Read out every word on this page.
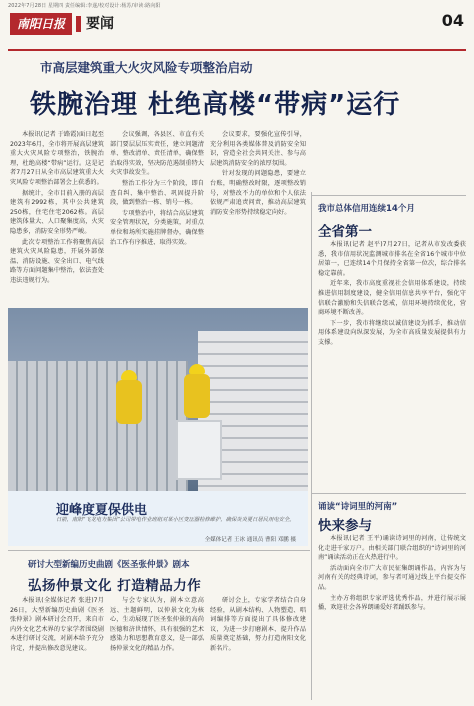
2022年7月28日 星期四 责任编辑:李遂/校对设计:杨苏/审读:路向阳
南阳日报	要闻	04
市高层建筑重大火灾风险专项整治启动
铁腕治理 杜绝高楼“带病”运行

本报讯(记者 于路霞)面日起至2023年6月，全市将开展高层建筑重大火灾风险专项整治，铁腕治理，杜绝高楼“带病”运行。这是记者7月27日从全市高层建筑重大火灾风险专项整治部署会上获悉的。

据统计，全市目前入册的高层建筑有2992栋，其中公共建筑250栋，住宅住宅2062栋。高层建筑体量大、人口聚集度高，火灾隐患多，消防安全形势严峻。

此次专项整治工作将聚焦高层建筑火灾风险隐患，开展外部保温、消防设施、安全出口、电气线路等方面问题集中整治，依法查处违法违规行为。

会议强调，各县区、市直有关部门要层层压实责任，建立问题清单、整改清单、责任清单，确保整治取得实效，坚决防范遏制重特大火灾事故发生。

整治工作分为三个阶段，即自查自纠、集中整治、巩固提升阶段，做到整治一栋、销号一栋。

专项整治中，将结合高层建筑安全管理状况，分类施策，对重点单位和场所实施挂牌督办，确保整治工作有序推进、取得实效。

会议要求，要强化宣传引导，充分利用各类媒体普及消防安全知识，营造全社会共同关注、参与高层建筑消防安全的浓厚氛围。

针对发现的问题隐患，要建立台账，明确整改时限，逐项整改销号，对整改不力的单位和个人依法依规严肃追责问责，推动高层建筑消防安全形势持续稳定向好。

迎峰度夏保供电
日前，南阳“飞龙电力集团”公司带电作业班组对某小区变压器检修维护，确保炎炎夏日居民用电安全。
全媒体记者 王冰 通讯员 曹阳 邓鹏 摄
我市总体信用连续14个月
全省第一

本报讯(记者 赵平)7月27日，记者从市发改委获悉，我市信用状况监测城市排名在全省16个城市中位居第一，已连续14个月保持全省第一位次，综合排名稳定靠前。

近年来，我市高度重视社会信用体系建设，持续推进信用制度建设，健全信用信息共享平台，强化守信联合激励和失信联合惩戒，信用环境持续优化，营商环境不断改善。

下一步，我市将继续以诚信建设为抓手，推动信用体系建设向纵深发展，为全市高质量发展提供有力支撑。

诵读“诗词里的河南”
快来参与

本报讯(记者 王平)诵读诗词里的河南，让传统文化走进千家万户。由相关部门联合组织的“诗词里的河南”诵读活动正在火热进行中。

活动面向全市广大市民征集朗诵作品，内容为与河南有关的经典诗词，参与者可通过线上平台提交作品。

主办方将组织专家评选优秀作品，并进行展示展播，欢迎社会各界朗诵爱好者踊跃参与。

研讨大型新编历史曲剧《医圣张仲景》剧本
弘扬仲景文化 打造精品力作

本报讯(全媒体记者 张进)7月26日，大型新编历史曲剧《医圣张仲景》剧本研讨会召开，来自市内外文化艺术界的专家学者围绕剧本进行研讨交流，对剧本给予充分肯定，并提出修改意见建议。

与会专家认为，剧本立意高远、主题鲜明，以仲景文化为核心，生动展现了医圣张仲景的高尚医德和济世情怀，具有很强的艺术感染力和思想教育意义，是一部弘扬仲景文化的精品力作。

研讨会上，专家学者结合自身经验，从剧本结构、人物塑造、唱词编排等方面提出了具体修改建议，为进一步打磨剧本、提升作品质量奠定基础，努力打造南阳文化新名片。
